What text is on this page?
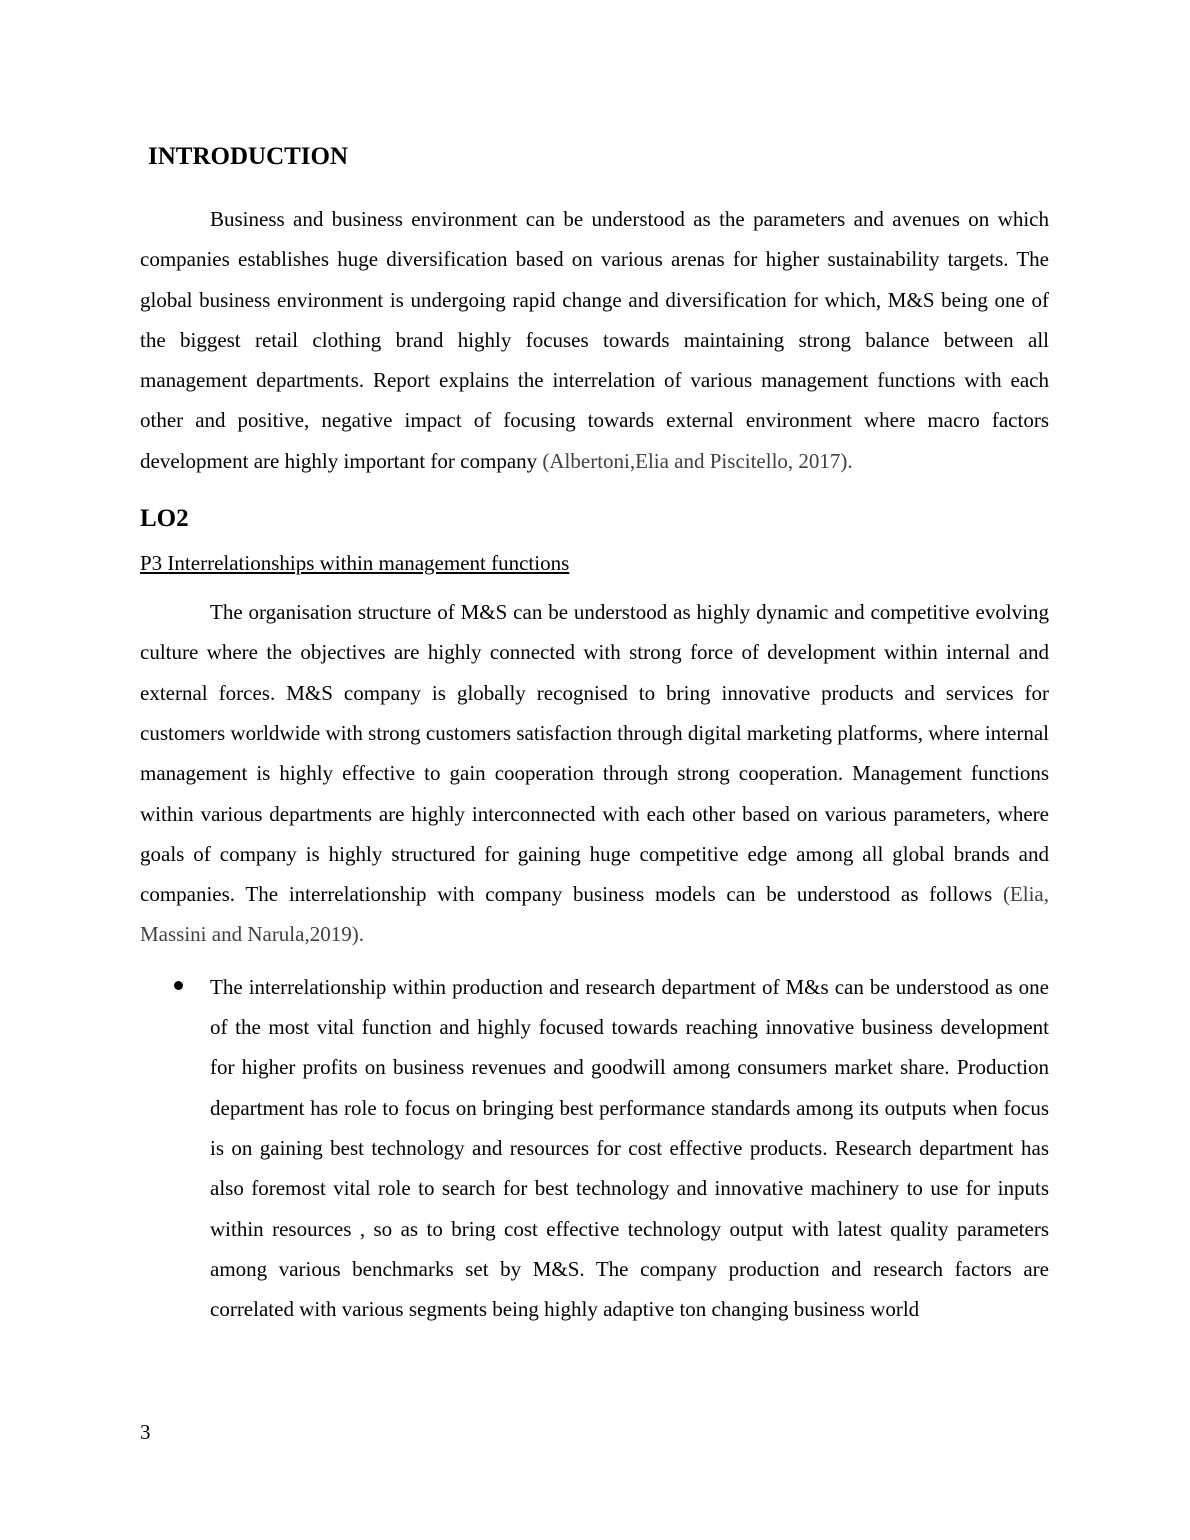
INTRODUCTION

Business and business environment can be understood as the parameters and avenues on which companies establishes huge diversification based on various arenas for higher sustainability targets. The global business environment is undergoing rapid change and diversification for which, M&S being one of the biggest retail clothing brand highly focuses towards maintaining strong balance between all management departments. Report explains the interrelation of various management functions with each other and positive, negative impact of focusing towards external environment where macro factors development are highly important for company (Albertoni,Elia and Piscitello, 2017).

LO2

P3 Interrelationships within management functions

The organisation structure of M&S can be understood as highly dynamic and competitive evolving culture where the objectives are highly connected with strong force of development within internal and external forces. M&S company is globally recognised to bring innovative products and services for customers worldwide with strong customers satisfaction through digital marketing platforms, where internal management is highly effective to gain cooperation through strong cooperation. Management functions within various departments are highly interconnected with each other based on various parameters, where goals of company is highly structured for gaining huge competitive edge among all global brands and companies. The interrelationship with company business models can be understood as follows (Elia, Massini and Narula,2019).

The interrelationship within production and research department of M&s can be understood as one of the most vital function and highly focused towards reaching innovative business development for higher profits on business revenues and goodwill among consumers market share. Production department has role to focus on bringing best performance standards among its outputs when focus is on gaining best technology and resources for cost effective products. Research department has also foremost vital role to search for best technology and innovative machinery to use for inputs within resources , so as to bring cost effective technology output with latest quality parameters among various benchmarks set by M&S. The company production and research factors are correlated with various segments being highly adaptive ton changing business world
3
